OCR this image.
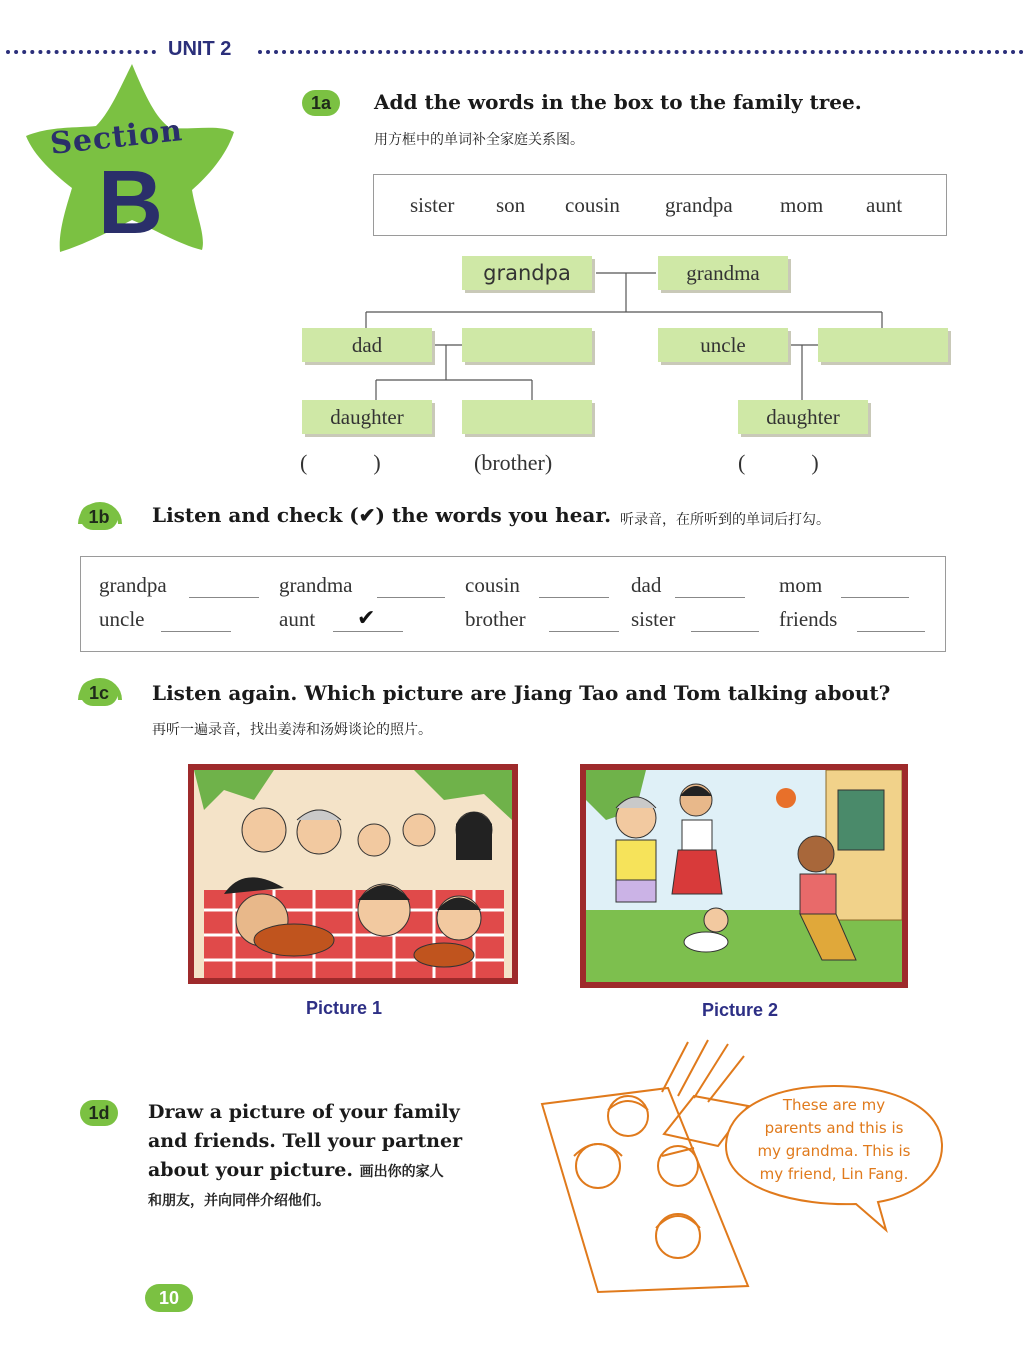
UNIT 2
Section
B
1a	Add the words in the box to the family tree.
用方框中的单词补全家庭关系图。
sister son cousin grandpa mom aunt
grandpa	grandma
dad	uncle
daughter	daughter
(            )	(brother)	(            )
1b	Listen and check (✔) the words you hear. 听录音，在所听到的单词后打勾。
grandpa	grandma	cousin	dad	mom
uncle	aunt ✔	brother	sister	friends
1c	Listen again. Which picture are Jiang Tao and Tom talking about?
再听一遍录音，找出姜涛和汤姆谈论的照片。
Picture 1	Picture 2
1d	Draw a picture of your family
and friends. Tell your partner
about your picture. 画出你的家人
和朋友，并向同伴介绍他们。
These are my
parents and this is
my grandma. This is
my friend, Lin Fang.
10
